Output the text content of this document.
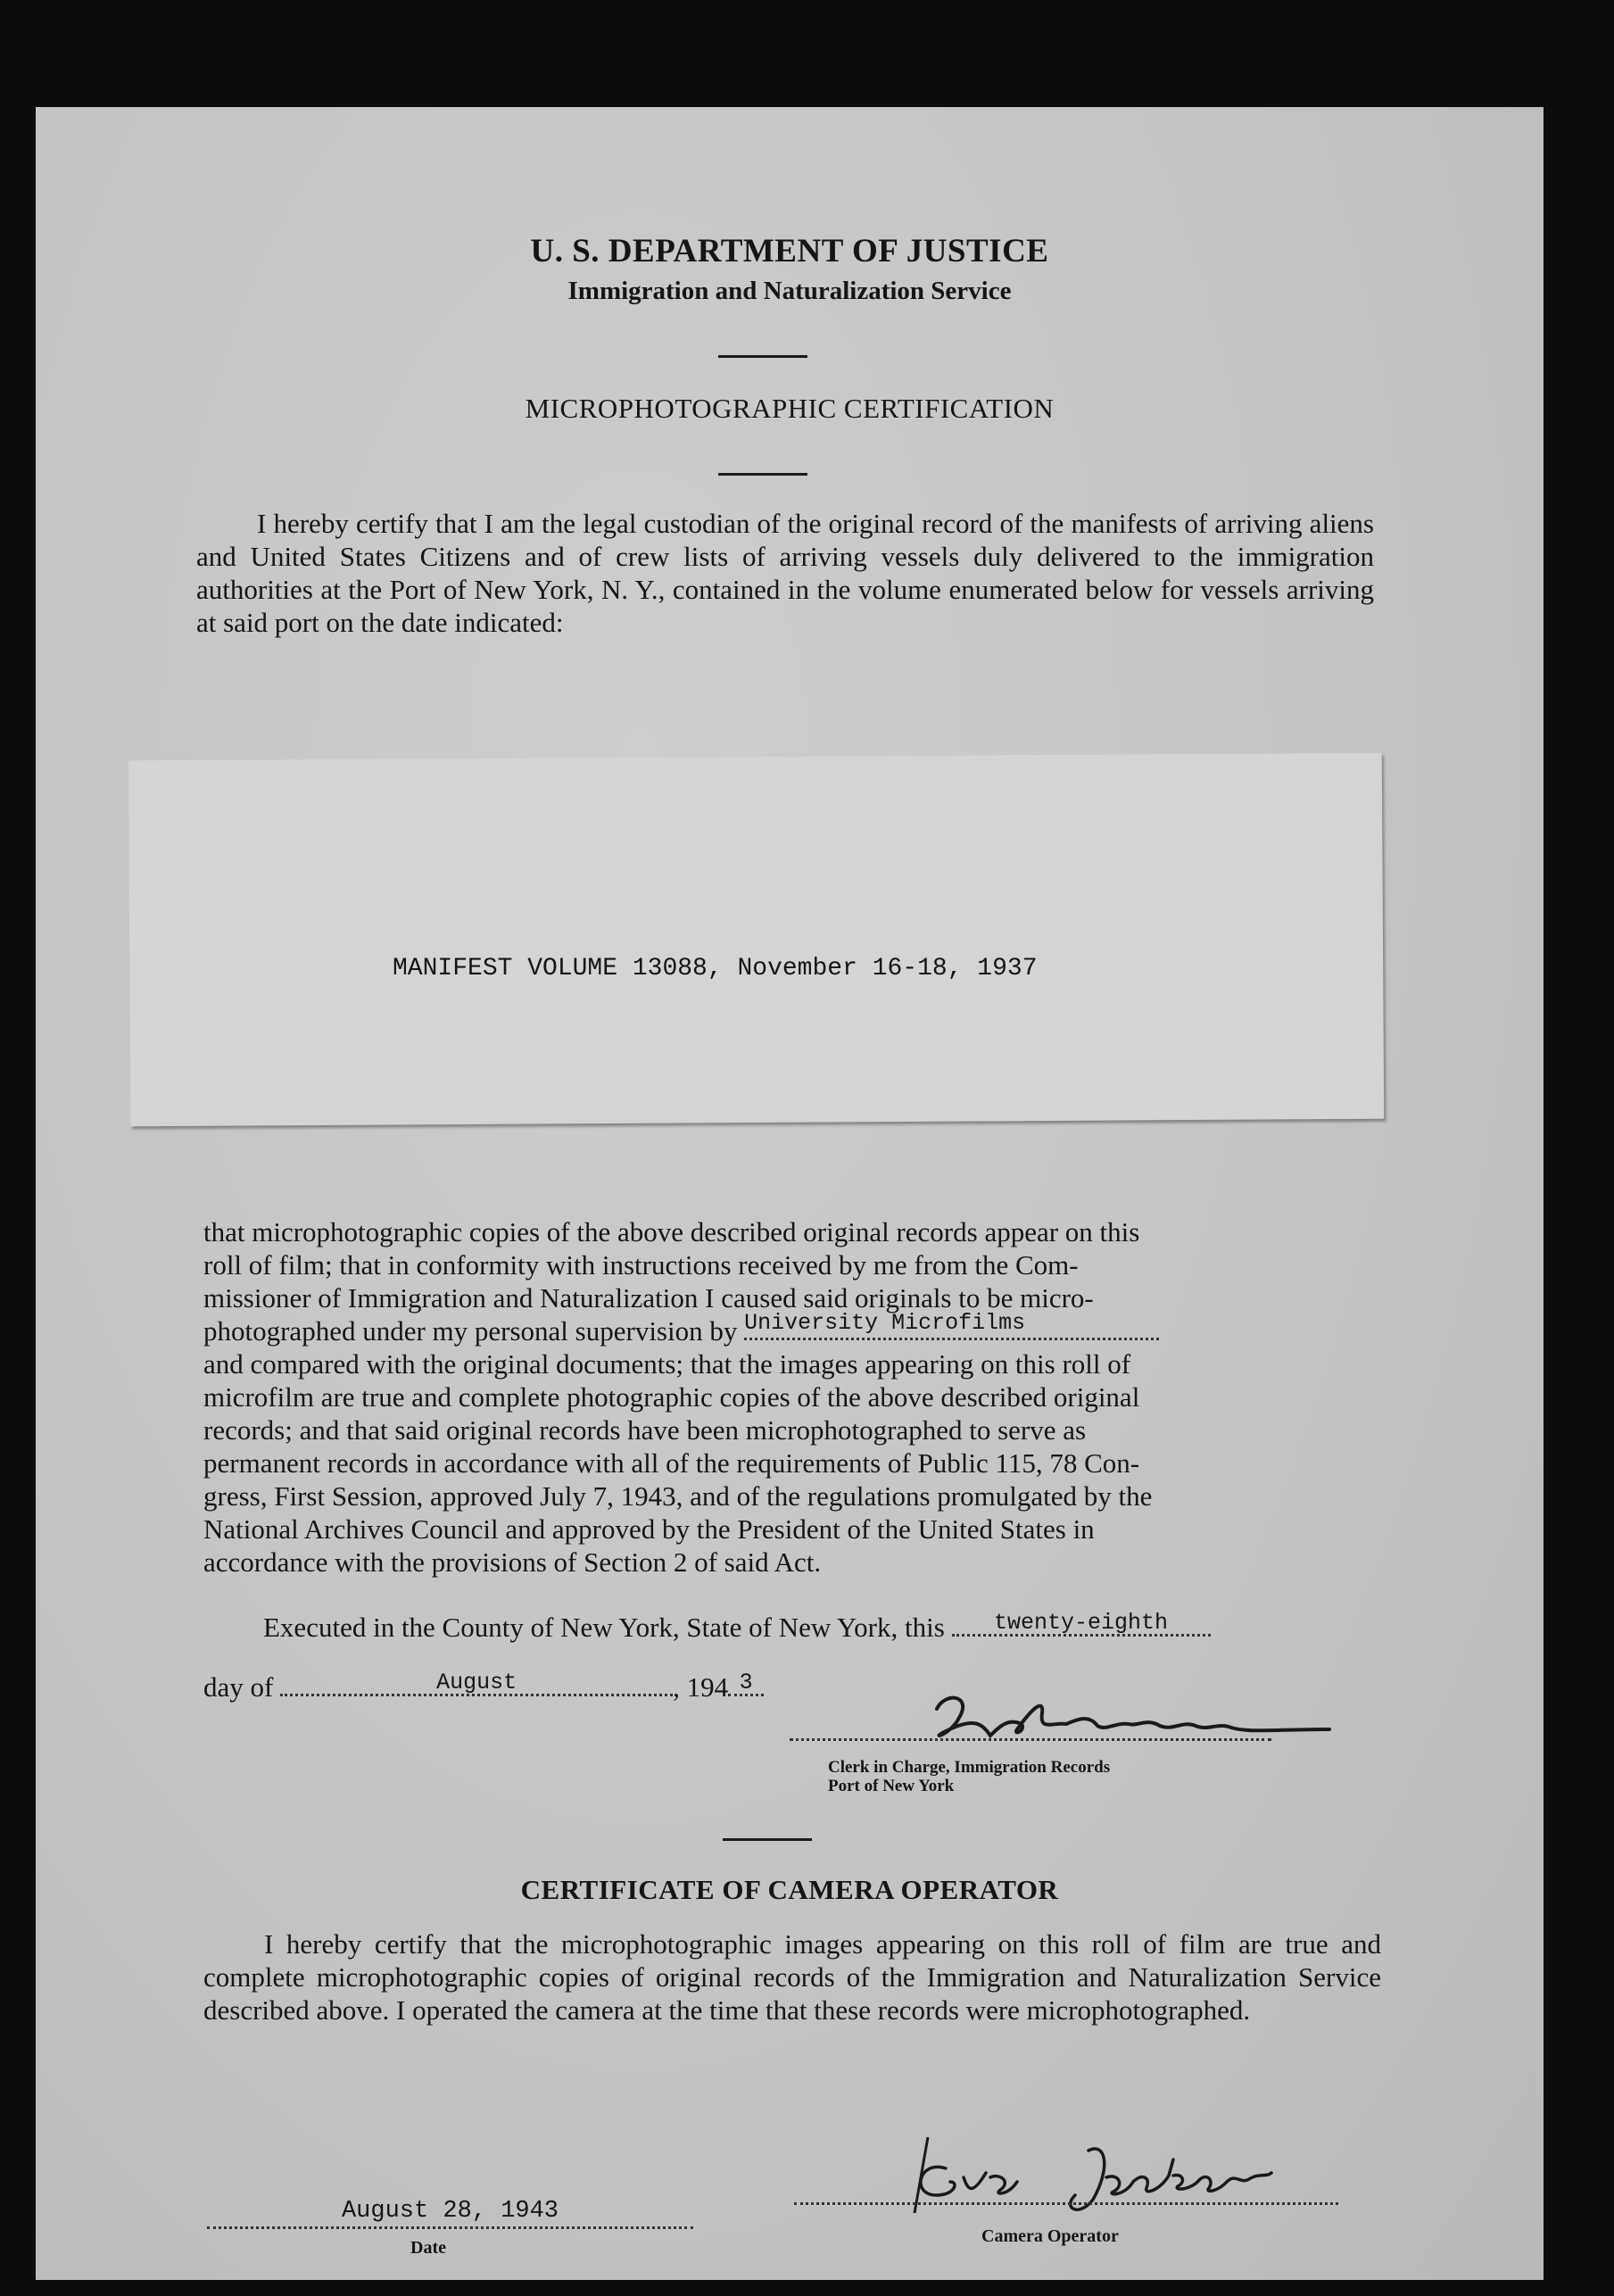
U. S. DEPARTMENT OF JUSTICE
Immigration and Naturalization Service
MICROPHOTOGRAPHIC CERTIFICATION
I hereby certify that I am the legal custodian of the original record of the manifests of arriving aliens and United States Citizens and of crew lists of arriving vessels duly delivered to the immigration authorities at the Port of New York, N. Y., contained in the volume enumerated below for vessels arriving at said port on the date indicated:
MANIFEST VOLUME 13088, November 16-18, 1937
that microphotographic copies of the above described original records appear on this
roll of film; that in conformity with instructions received by me from the Com-
missioner of Immigration and Naturalization I caused said originals to be micro-
photographed under my personal supervision by University Microfilms
and compared with the original documents; that the images appearing on this roll of
microfilm are true and complete photographic copies of the above described original
records; and that said original records have been microphotographed to serve as
permanent records in accordance with all of the requirements of Public 115, 78 Con-
gress, First Session, approved July 7, 1943, and of the regulations promulgated by the
National Archives Council and approved by the President of the United States in
accordance with the provisions of Section 2 of said Act.
Executed in the County of New York, State of New York, this	twenty-eighth
day of	August	, 194 3
Clerk in Charge, Immigration Records
Port of New York
CERTIFICATE OF CAMERA OPERATOR
I hereby certify that the microphotographic images appearing on this roll of film are true and complete microphotographic copies of original records of the Immigration and Naturalization Service described above. I operated the camera at the time that these records were microphotographed.
August 28, 1943
Date
Camera Operator
